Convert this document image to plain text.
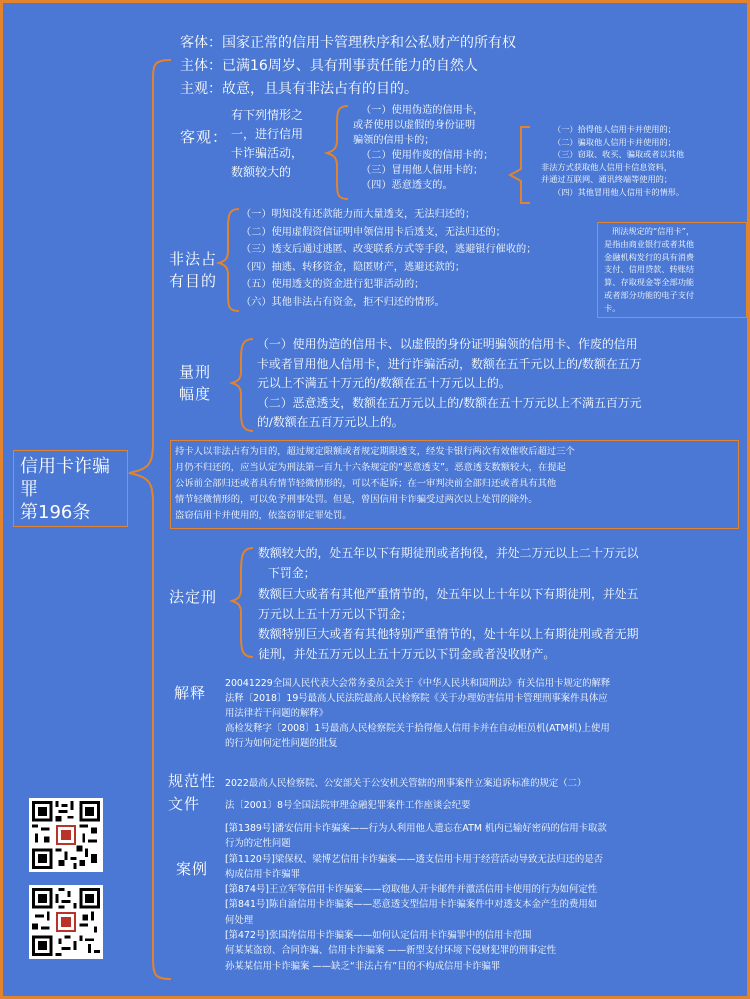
信用卡诈骗
罪
第196条
客体：国家正常的信用卡管理秩序和公私财产的所有权
主体：已满16周岁、具有刑事责任能力的自然人
主观：故意，且具有非法占有的目的。
客观：
有下列情形之
一，进行信用
卡诈骗活动，
数额较大的
（一）使用伪造的信用卡，
或者使用以虚假的身份证明
骗领的信用卡的；
（二）使用作废的信用卡的；
（三）冒用他人信用卡的；
（四）恶意透支的。
（一）拾得他人信用卡并使用的；
（二）骗取他人信用卡并使用的；
（三）窃取、收买、骗取或者以其他
非法方式获取他人信用卡信息资料，
并通过互联网、通讯终端等使用的；
（四）其他冒用他人信用卡的情形。
非法占
有目的
（一）明知没有还款能力而大量透支，无法归还的；
（二）使用虚假资信证明申领信用卡后透支，无法归还的；
（三）透支后通过逃匿、改变联系方式等手段，逃避银行催收的；
（四）抽逃、转移资金，隐匿财产，逃避还款的；
（五）使用透支的资金进行犯罪活动的；
（六）其他非法占有资金，拒不归还的情形。
刑法规定的“信用卡”，
是指由商业银行或者其他
金融机构发行的具有消费
支付、信用贷款、转账结
算、存取现金等全部功能
或者部分功能的电子支付
卡。
量刑
幅度
（一）使用伪造的信用卡、以虚假的身份证明骗领的信用卡、作废的信用
卡或者冒用他人信用卡，进行诈骗活动，数额在五千元以上的/数额在五万
元以上不满五十万元的/数额在五十万元以上的。
（二）恶意透支，数额在五万元以上的/数额在五十万元以上不满五百万元
的/数额在五百万元以上的。
持卡人以非法占有为目的，超过规定限额或者规定期限透支，经发卡银行两次有效催收后超过三个
月仍不归还的，应当认定为刑法第一百九十六条规定的“恶意透支”。恶意透支数额较大，在提起
公诉前全部归还或者具有情节轻微情形的，可以不起诉；在一审判决前全部归还或者具有其他
情节轻微情形的，可以免予刑事处罚。但是，曾因信用卡诈骗受过两次以上处罚的除外。
盗窃信用卡并使用的，依盗窃罪定罪处罚。
法定刑
数额较大的，处五年以下有期徒刑或者拘役，并处二万元以上二十万元以
下罚金；
数额巨大或者有其他严重情节的，处五年以上十年以下有期徒刑，并处五
万元以上五十万元以下罚金；
数额特别巨大或者有其他特别严重情节的，处十年以上有期徒刑或者无期
徒刑，并处五万元以上五十万元以下罚金或者没收财产。
解释
20041229全国人民代表大会常务委员会关于《中华人民共和国刑法》有关信用卡规定的解释
法释〔2018〕19号最高人民法院最高人民检察院《关于办理妨害信用卡管理刑事案件具体应
用法律若干问题的解释》
高检发释字〔2008〕1号最高人民检察院关于拾得他人信用卡并在自动柜员机(ATM机)上使用
的行为如何定性问题的批复
规范性
文件
2022最高人民检察院、公安部关于公安机关管辖的刑事案件立案追诉标准的规定（二）
法〔2001〕8号全国法院审理金融犯罪案件工作座谈会纪要
案例
[第1389号]潘安信用卡诈骗案——行为人利用他人遗忘在ATM 机内已输好密码的信用卡取款
行为的定性问题
[第1120号]梁保权、梁博艺信用卡诈骗案——透支信用卡用于经营活动导致无法归还的是否
构成信用卡诈骗罪
[第874号]王立军等信用卡诈骗案——窃取他人开卡邮件并激活信用卡使用的行为如何定性
[第841号]陈自渝信用卡诈骗案——恶意透支型信用卡诈骗案件中对透支本金产生的费用如
何处理
[第472号]张国涛信用卡诈骗案——如何认定信用卡诈骗罪中的信用卡范围
何某某盗窃、合同诈骗、信用卡诈骗案 ——新型支付环境下侵财犯罪的刑事定性
孙某某信用卡诈骗案 ——缺乏“非法占有”目的不构成信用卡诈骗罪
